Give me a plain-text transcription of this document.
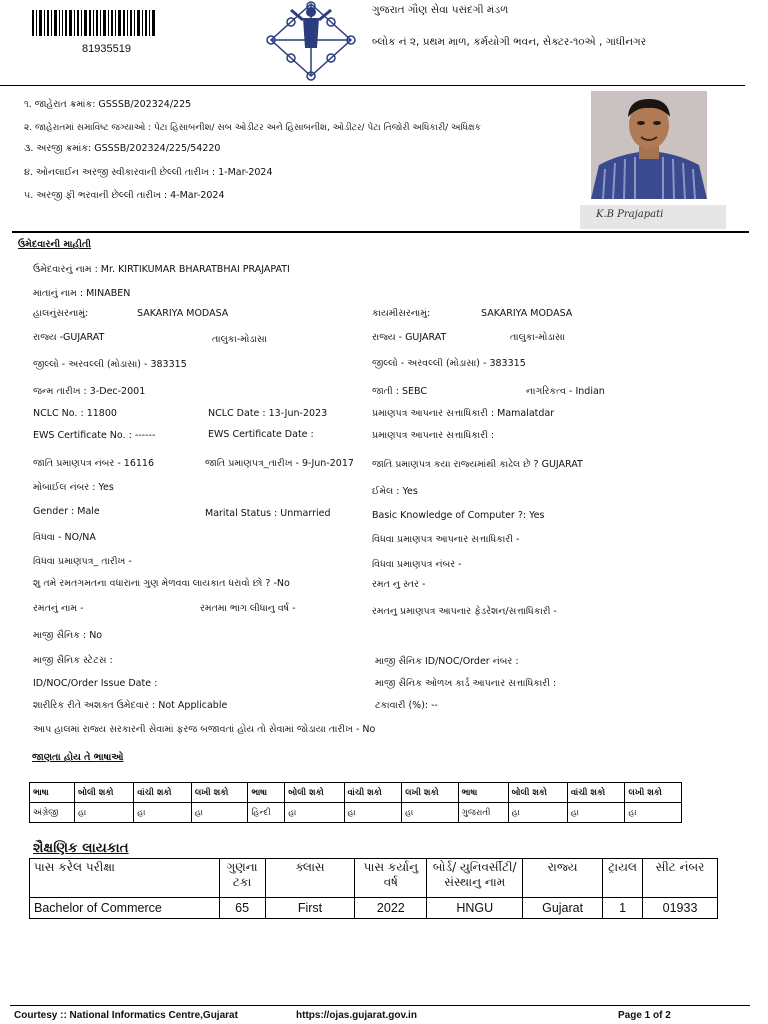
81935519
ગુજરાત ગૌણ સેવા પસંદગી મંડળ
બ્લોક નં ૨, પ્રથમ માળ, કર્મયોગી ભવન, સેક્ટર-૧૦એ , ગાંધીનગર
૧. જાહેરાત ક્રમાંક: GSSSB/202324/225
૨. જાહેરાતમાં સમાવિષ્ટ જગ્યાઓ : પેટા હિસાબનીશ/ સબ ઓડીટર અને હિસાબનીશ, ઓડીટર/ પેટા તિજોરી અધિકારી/ અધિક્ષક
૩. અરજી ક્રમાંક: GSSSB/202324/225/54220
૪. ઓનલાઈન અરજી સ્વીકારવાની છેલ્લી તારીખ : 1-Mar-2024
૫. અરજી ફી ભરવાની છેલ્લી તારીખ : 4-Mar-2024
K.B Prajapati
ઉમેદવારની માહીતી
ઉમેદવારનું નામ : Mr. KIRTIKUMAR BHARATBHAI PRAJAPATI
માતાનું નામ : MINABEN
હાલનુંસરનામું:	SAKARIYA MODASA	કાયમીસરનામું:	SAKARIYA MODASA
રાજ્ય -GUJARAT	તાલુકા-મોડાસા	રાજ્ય - GUJARAT	તાલુકા-મોડાસા
જીલ્લો - અરવલ્લી (મોડાસા) - 383315	જીલ્લો - અરવલ્લી (મોડાસા) - 383315
જન્મ તારીખ : 3-Dec-2001	જાતી : SEBC	નાગરિકત્વ - Indian
NCLC No. : 11800	NCLC Date : 13-Jun-2023	પ્રમાણપત્ર આપનાર સત્તાધિકારી : Mamalatdar
EWS Certificate No. : ------	EWS Certificate Date :	પ્રમાણપત્ર આપનાર સત્તાધિકારી :
જાતિ પ્રમાણપત્ર નંબર - 16116	જાતિ પ્રમાણપત્ર_તારીખ - 9-Jun-2017 જાતિ પ્રમાણપત્ર કયા રાજ્યમાંથી કાઢેલ છે ? GUJARAT
મોબાઈલ નંબર : Yes	ઈમેલ : Yes
Gender : Male	Marital Status : Unmarried	Basic Knowledge of Computer ?: Yes
વિધવા - NO/NA	વિધવા પ્રમાણપત્ર આપનાર સત્તાધિકારી -
વિધવા પ્રમાણપત્ર_ તારીખ -	વિધવા પ્રમાણપત્ર નંબર -
શુ તમે રમતગમતના વધારાના ગુણ મેળવવા લાયકાત ધરાવો છો ? -No	રમત નુ સ્તર -
રમતનું નામ -	રમતમા ભાગ લીધાનુ વર્ષ -	રમતનુ પ્રમાણપત્ર આપનાર ફેડરેશન/સત્તાધિકારી -
માજી સૈનિક : No
માજી સૈનિક સ્ટેટસ :	માજી સૈનિક ID/NOC/Order નંબર :
ID/NOC/Order Issue Date :	માજી સૈનિક ઓળખ કાર્ડ આપનાર સત્તાધિકારી :
શારીરિક રીતે અશક્ત ઉમેદવાર : Not Applicable	ટકાવારી (%): --
આપ હાલમાં રાજ્ય સરકારની સેવામાં ફરજ બજાવતાં હોય તો સેવામાં જોડાયા તારીખ - No
જાણતા હોય તે ભાષાઓ
ભાષા	બોલી શકો	વાંચી શકો	લખી શકો	ભાષા	બોલી શકો	વાંચી શકો	લખી શકો	ભાષા	બોલી શકો	વાંચી શકો	લખી શકો
અંગ્રેજી	હા	હા	હા	હિન્દી	હા	હા	હા	ગુજરાતી	હા	હા	હા
શૈક્ષણિક લાયકાત
પાસ કરેલ પરીક્ષા	ગુણના ટકા	ક્લાસ	પાસ કર્યાનુ વર્ષ	બોર્ડ/ યુનિવર્સીટી/ સંસ્થાનુ નામ	રાજ્ય	ટ્રાયલ	સીટ નંબર
Bachelor of Commerce	65	First	2022	HNGU	Gujarat	1	01933
Courtesy :: National Informatics Centre,Gujarat	https://ojas.gujarat.gov.in	Page 1 of 2
